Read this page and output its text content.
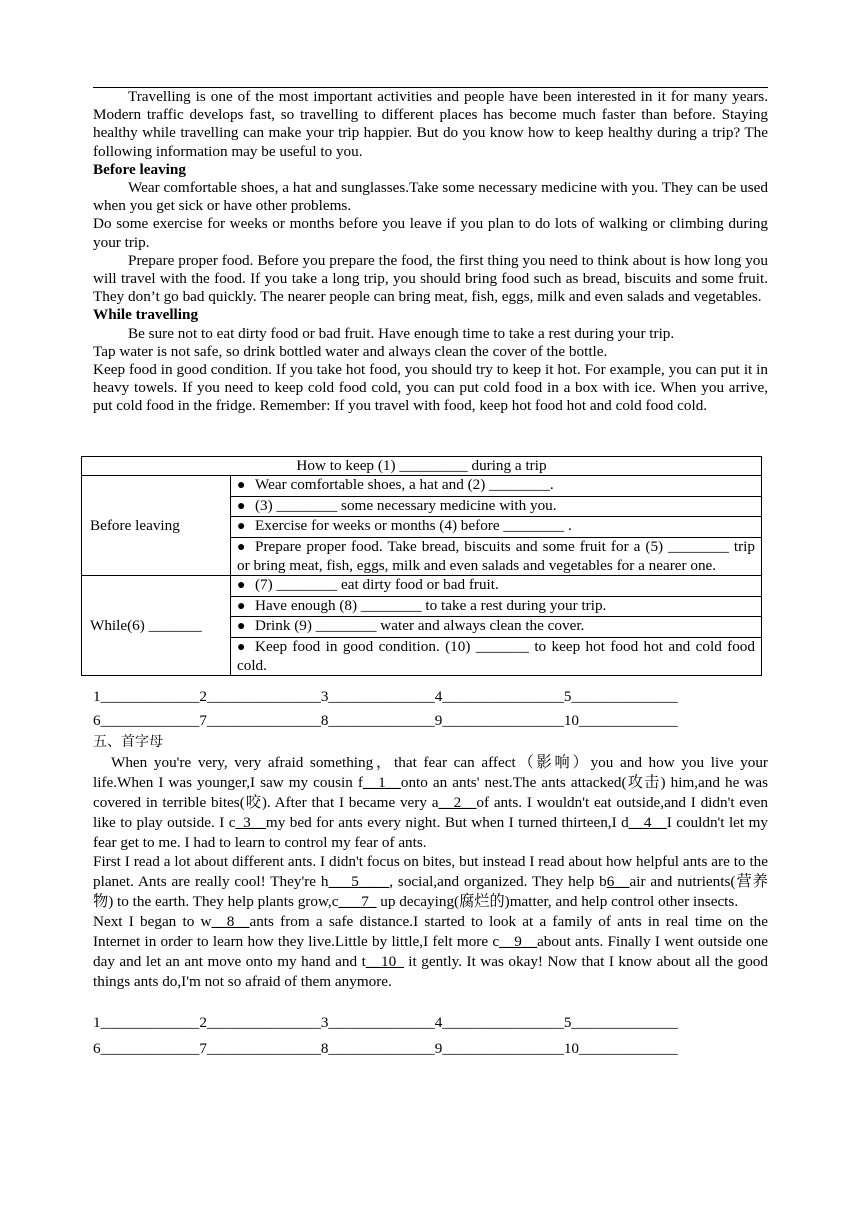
Travelling is one of the most important activities and people have been interested in it for many years. Modern traffic develops fast, so travelling to different places has become much faster than before. Staying healthy while travelling can make your trip happier. But do you know how to keep healthy during a trip? The following information may be useful to you.

Before leaving

Wear comfortable shoes, a hat and sunglasses.Take some necessary medicine with you. They can be used when you get sick or have other problems.

Do some exercise for weeks or months before you leave if you plan to do lots of walking or climbing during your trip.

Prepare proper food. Before you prepare the food, the first thing you need to think about is how long you will travel with the food. If you take a long trip, you should bring food such as bread, biscuits and some fruit. They don’t go bad quickly. The nearer people can bring meat, fish, eggs, milk and even salads and vegetables.

While travelling

Be sure not to eat dirty food or bad fruit. Have enough time to take a rest during your trip.

Tap water is not safe, so drink bottled water and always clean the cover of the bottle.

Keep food in good condition. If you take hot food, you should try to keep it hot. For example, you can put it in heavy towels. If you need to keep cold food cold, you can put cold food in a box with ice. When you arrive, put cold food in the fridge. Remember: If you travel with food, keep hot food hot and cold food cold.

How to keep (1) _________ during a trip	
Before leaving	● Wear comfortable shoes, a hat and (2) ________.
	● (3) ________ some necessary medicine with you.
	● Exercise for weeks or months (4) before ________ .
	● Prepare proper food. Take bread, biscuits and some fruit for a (5) ________ trip or bring meat, fish, eggs, milk and even salads and vegetables for a nearer one.
While(6) _______	● (7) ________ eat dirty food or bad fruit.
	● Have enough (8) ________ to take a rest during your trip.
	● Drink (9) ________ water and always clean the cover.
	● Keep food in good condition. (10) _______ to keep hot food hot and cold food cold.
1_____________2_______________3______________4________________5______________
6_____________7_______________8______________9________________10_____________
五、首字母

When you're very, very afraid something，that fear can affect（影响）you and how you live your life.When I was younger,I saw my cousin f__1__onto an ants' nest.The ants attacked(攻击) him,and he was covered in terrible bites(咬). After that I became very a__2__of ants. I wouldn't eat outside,and I didn't even like to play outside. I c_3__my bed for ants every night. But when I turned thirteen,I d__4__I couldn't let my fear get to me. I had to learn to control my fear of ants.

First I read a lot about different ants. I didn't focus on bites, but instead I read about how helpful ants are to the planet. Ants are really cool! They're h___5____, social,and organized. They help b6__air and nutrients(营养物) to the earth. They help plants grow,c___7_ up decaying(腐烂的)matter, and help control other insects.

Next I began to w__8__ants from a safe distance.I started to look at a family of ants in real time on the Internet in order to learn how they live.Little by little,I felt more c__9__about ants. Finally I went outside one day and let an ant move onto my hand and t__10_ it gently. It was okay! Now that I know about all the good things ants do,I'm not so afraid of them anymore.

1_____________2_______________3______________4________________5______________
6_____________7_______________8______________9________________10_____________
